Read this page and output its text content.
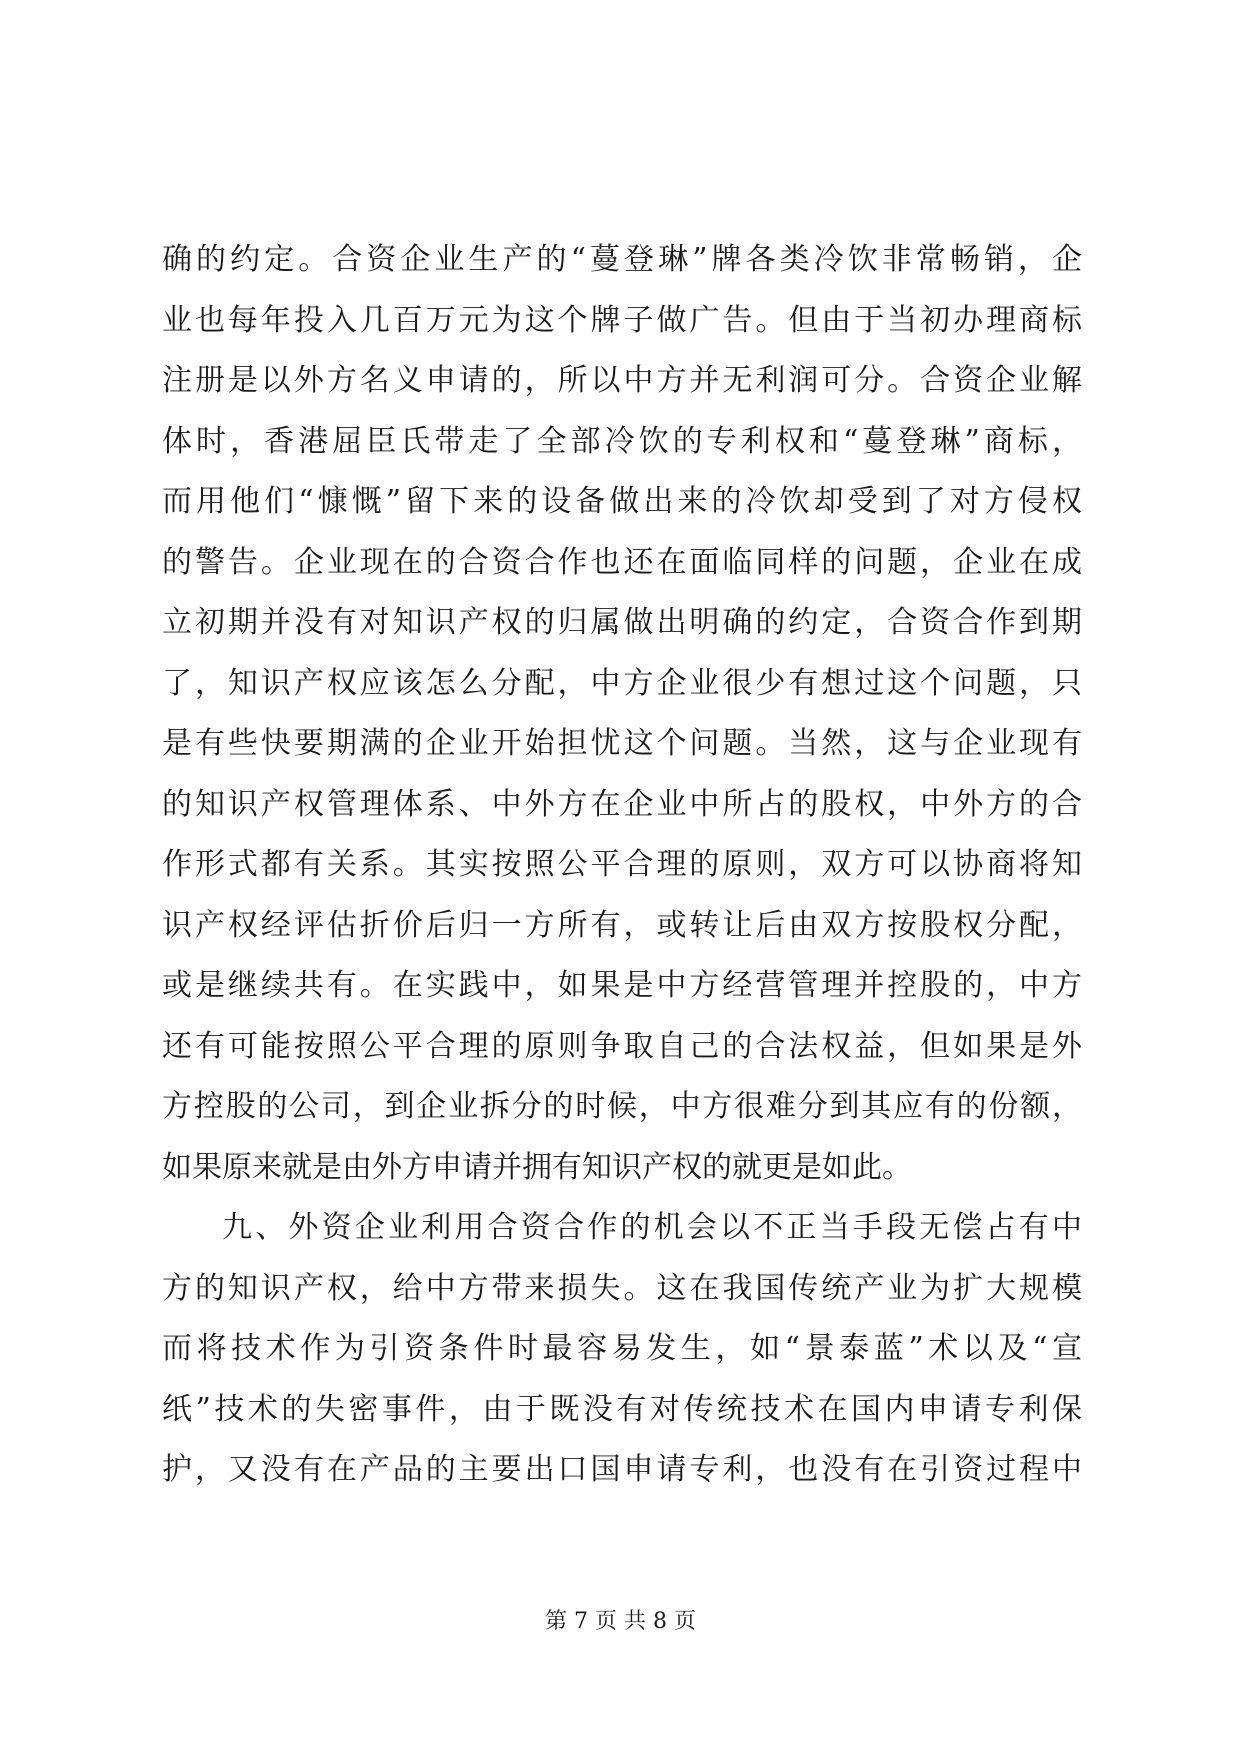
确的约定。合资企业生产的“蔓登琳”牌各类冷饮非常畅销，企
业也每年投入几百万元为这个牌子做广告。但由于当初办理商标
注册是以外方名义申请的，所以中方并无利润可分。合资企业解
体时，香港屈臣氏带走了全部冷饮的专利权和“蔓登琳”商标，
而用他们“慷慨”留下来的设备做出来的冷饮却受到了对方侵权
的警告。企业现在的合资合作也还在面临同样的问题，企业在成
立初期并没有对知识产权的归属做出明确的约定，合资合作到期
了，知识产权应该怎么分配，中方企业很少有想过这个问题，只
是有些快要期满的企业开始担忧这个问题。当然，这与企业现有
的知识产权管理体系、中外方在企业中所占的股权，中外方的合
作形式都有关系。其实按照公平合理的原则，双方可以协商将知
识产权经评估折价后归一方所有，或转让后由双方按股权分配，
或是继续共有。在实践中，如果是中方经营管理并控股的，中方
还有可能按照公平合理的原则争取自己的合法权益，但如果是外
方控股的公司，到企业拆分的时候，中方很难分到其应有的份额，
如果原来就是由外方申请并拥有知识产权的就更是如此。
九、外资企业利用合资合作的机会以不正当手段无偿占有中
方的知识产权，给中方带来损失。这在我国传统产业为扩大规模
而将技术作为引资条件时最容易发生，如“景泰蓝”术以及“宣
纸”技术的失密事件，由于既没有对传统技术在国内申请专利保
护，又没有在产品的主要出口国申请专利，也没有在引资过程中
第 7 页 共 8 页
